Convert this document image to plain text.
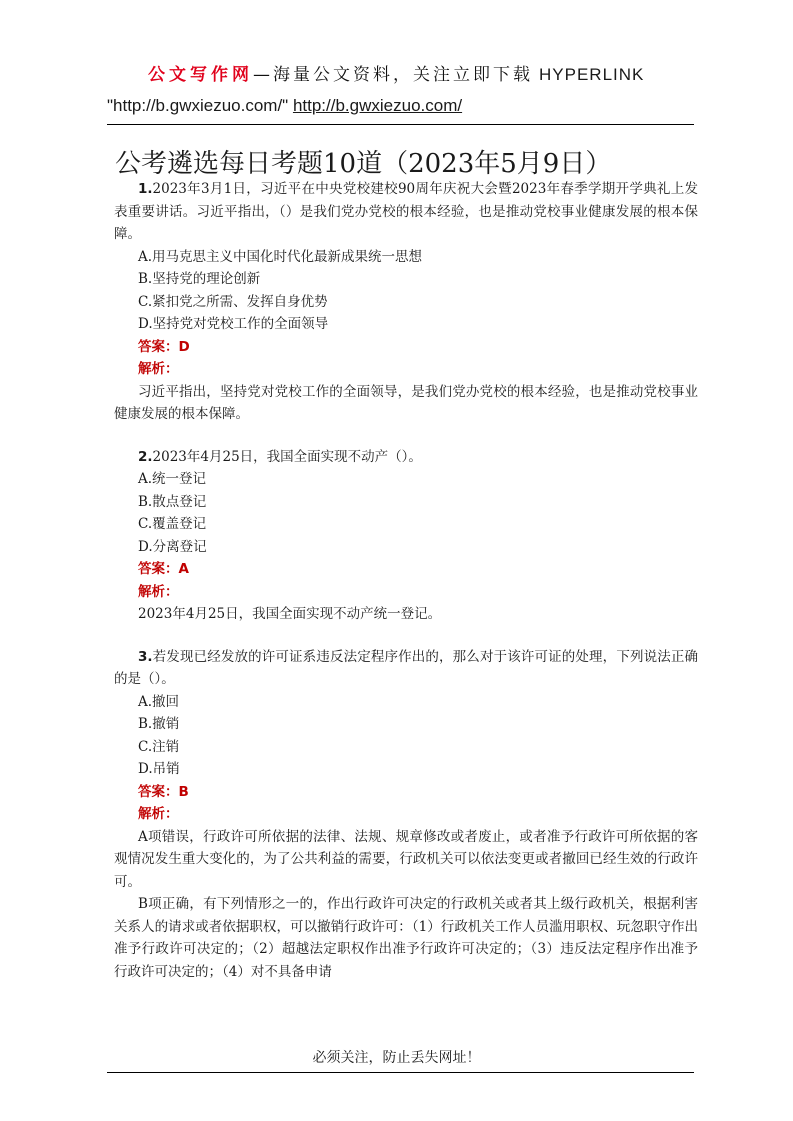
公文写作网—海量公文资料，关注立即下载 HYPERLINK
"http://b.gwxiezuo.com/" http://b.gwxiezuo.com/
公考遴选每日考题10道（2023年5月9日）

1.2023年3月1日，习近平在中央党校建校90周年庆祝大会暨2023年春季学期开学典礼上发表重要讲话。习近平指出，（）是我们党办党校的根本经验，也是推动党校事业健康发展的根本保障。

A.用马克思主义中国化时代化最新成果统一思想

B.坚持党的理论创新

C.紧扣党之所需、发挥自身优势

D.坚持党对党校工作的全面领导

答案：D

解析：

习近平指出，坚持党对党校工作的全面领导，是我们党办党校的根本经验，也是推动党校事业健康发展的根本保障。

2.2023年4月25日，我国全面实现不动产（）。

A.统一登记

B.散点登记

C.覆盖登记

D.分离登记

答案：A

解析：

2023年4月25日，我国全面实现不动产统一登记。

3.若发现已经发放的许可证系违反法定程序作出的，那么对于该许可证的处理，下列说法正确的是（）。

A.撤回

B.撤销

C.注销

D.吊销

答案：B

解析：

A项错误，行政许可所依据的法律、法规、规章修改或者废止，或者准予行政许可所依据的客观情况发生重大变化的，为了公共利益的需要，行政机关可以依法变更或者撤回已经生效的行政许可。

B项正确，有下列情形之一的，作出行政许可决定的行政机关或者其上级行政机关，根据利害关系人的请求或者依据职权，可以撤销行政许可：（1）行政机关工作人员滥用职权、玩忽职守作出准予行政许可决定的；（2）超越法定职权作出准予行政许可决定的；（3）违反法定程序作出准予行政许可决定的；（4）对不具备申请

必须关注，防止丢失网址！
